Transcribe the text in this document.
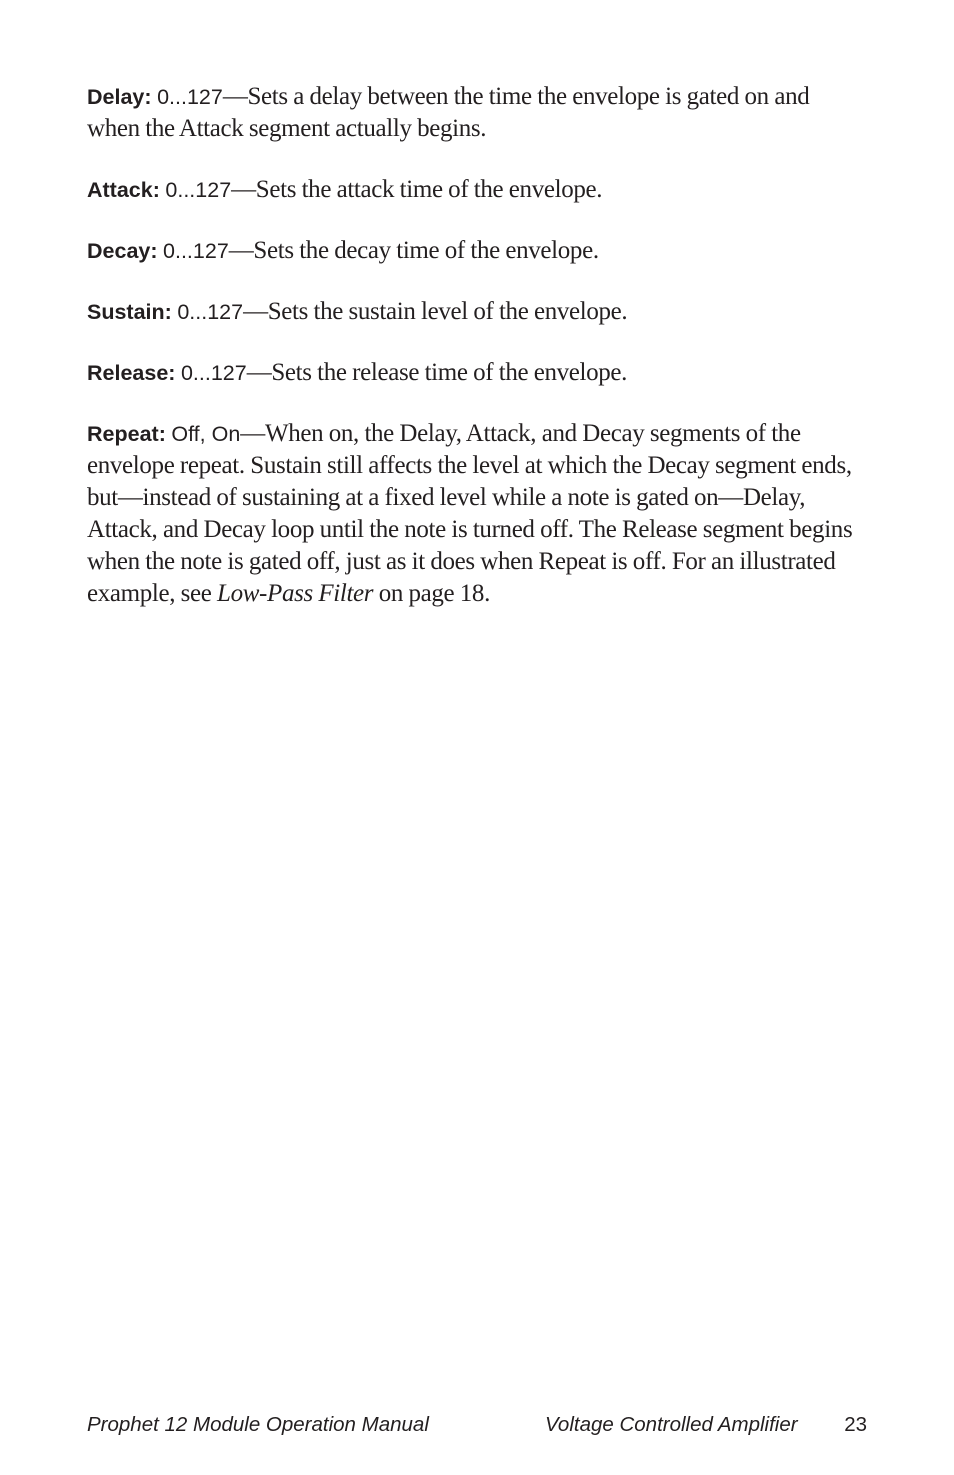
Delay: 0...127—Sets a delay between the time the envelope is gated on and when the Attack segment actually begins.

Attack: 0...127—Sets the attack time of the envelope.

Decay: 0...127—Sets the decay time of the envelope.

Sustain: 0...127—Sets the sustain level of the envelope.

Release: 0...127—Sets the release time of the envelope.

Repeat: Off, On—When on, the Delay, Attack, and Decay segments of the envelope repeat. Sustain still affects the level at which the Decay segment ends, but—instead of sustaining at a fixed level while a note is gated on—Delay, Attack, and Decay loop until the note is turned off. The Release segment begins when the note is gated off, just as it does when Repeat is off. For an illustrated example, see Low-Pass Filter on page 18.

Prophet 12 Module Operation Manual	Voltage Controlled Amplifier 23
